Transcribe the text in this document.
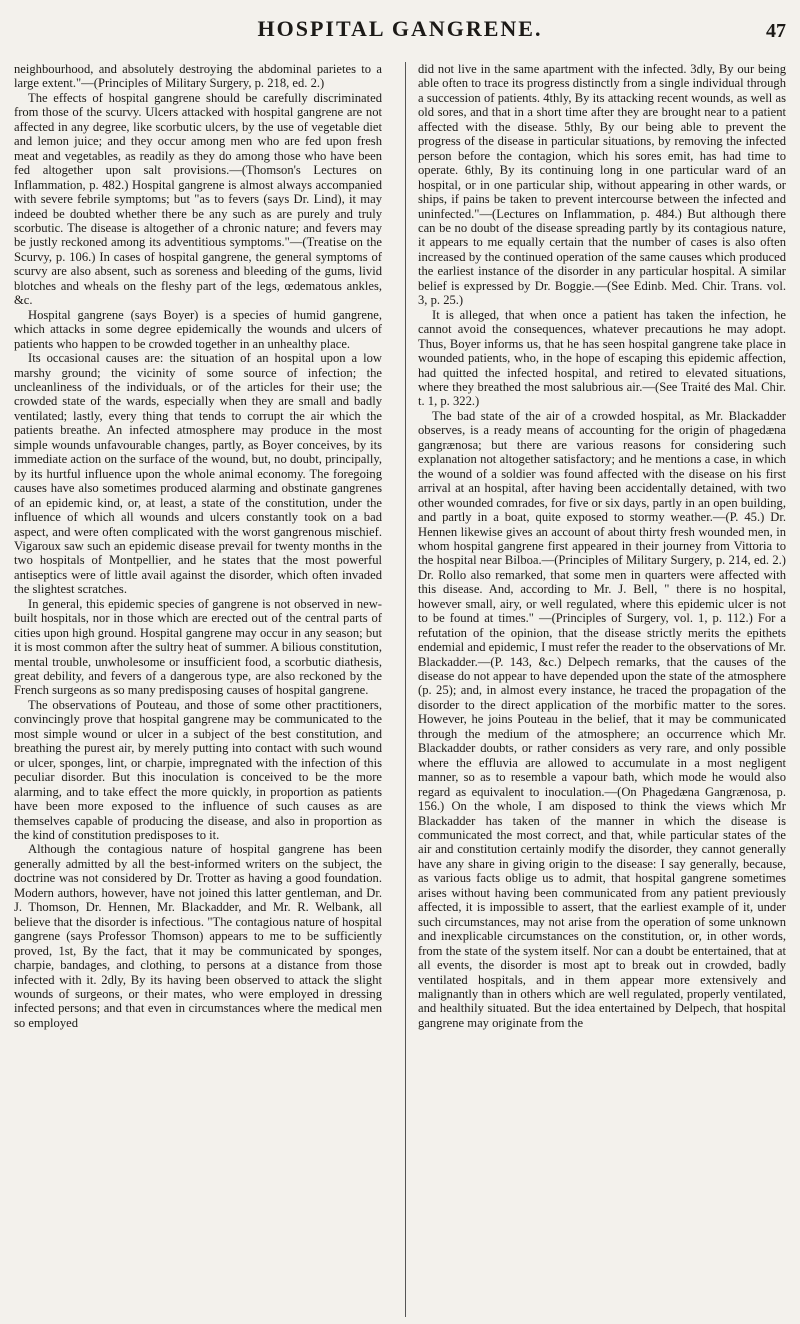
HOSPITAL GANGRENE.	47

neighbourhood, and absolutely destroying the abdominal parietes to a large extent."—(Principles of Military Surgery, p. 218, ed. 2.)

The effects of hospital gangrene should be carefully discriminated from those of the scurvy. Ulcers attacked with hospital gangrene are not affected in any degree, like scorbutic ulcers, by the use of vegetable diet and lemon juice; and they occur among men who are fed upon fresh meat and vegetables, as readily as they do among those who have been fed altogether upon salt provisions.—(Thomson's Lectures on Inflammation, p. 482.) Hospital gangrene is almost always accompanied with severe febrile symptoms; but "as to fevers (says Dr. Lind), it may indeed be doubted whether there be any such as are purely and truly scorbutic. The disease is altogether of a chronic nature; and fevers may be justly reckoned among its adventitious symptoms."—(Treatise on the Scurvy, p. 106.) In cases of hospital gangrene, the general symptoms of scurvy are also absent, such as soreness and bleeding of the gums, livid blotches and wheals on the fleshy part of the legs, œdematous ankles, &c.

Hospital gangrene (says Boyer) is a species of humid gangrene, which attacks in some degree epidemically the wounds and ulcers of patients who happen to be crowded together in an unhealthy place.

Its occasional causes are: the situation of an hospital upon a low marshy ground; the vicinity of some source of infection; the uncleanliness of the individuals, or of the articles for their use; the crowded state of the wards, especially when they are small and badly ventilated; lastly, every thing that tends to corrupt the air which the patients breathe. An infected atmosphere may produce in the most simple wounds unfavourable changes, partly, as Boyer conceives, by its immediate action on the surface of the wound, but, no doubt, principally, by its hurtful influence upon the whole animal economy. The foregoing causes have also sometimes produced alarming and obstinate gangrenes of an epidemic kind, or, at least, a state of the constitution, under the influence of which all wounds and ulcers constantly took on a bad aspect, and were often complicated with the worst gangrenous mischief. Vigaroux saw such an epidemic disease prevail for twenty months in the two hospitals of Montpellier, and he states that the most powerful antiseptics were of little avail against the disorder, which often invaded the slightest scratches.

In general, this epidemic species of gangrene is not observed in new-built hospitals, nor in those which are erected out of the central parts of cities upon high ground. Hospital gangrene may occur in any season; but it is most common after the sultry heat of summer. A bilious constitution, mental trouble, unwholesome or insufficient food, a scorbutic diathesis, great debility, and fevers of a dangerous type, are also reckoned by the French surgeons as so many predisposing causes of hospital gangrene.

The observations of Pouteau, and those of some other practitioners, convincingly prove that hospital gangrene may be communicated to the most simple wound or ulcer in a subject of the best constitution, and breathing the purest air, by merely putting into contact with such wound or ulcer, sponges, lint, or charpie, impregnated with the infection of this peculiar disorder. But this inoculation is conceived to be the more alarming, and to take effect the more quickly, in proportion as patients have been more exposed to the influence of such causes as are themselves capable of producing the disease, and also in proportion as the kind of constitution predisposes to it.

Although the contagious nature of hospital gangrene has been generally admitted by all the best-informed writers on the subject, the doctrine was not considered by Dr. Trotter as having a good foundation. Modern authors, however, have not joined this latter gentleman, and Dr. J. Thomson, Dr. Hennen, Mr. Blackadder, and Mr. R. Welbank, all believe that the disorder is infectious. "The contagious nature of hospital gangrene (says Professor Thomson) appears to me to be sufficiently proved, 1st, By the fact, that it may be communicated by sponges, charpie, bandages, and clothing, to persons at a distance from those infected with it. 2dly, By its having been observed to attack the slight wounds of surgeons, or their mates, who were employed in dressing infected persons; and that even in circumstances where the medical men so employed

did not live in the same apartment with the infected. 3dly, By our being able often to trace its progress distinctly from a single individual through a succession of patients. 4thly, By its attacking recent wounds, as well as old sores, and that in a short time after they are brought near to a patient affected with the disease. 5thly, By our being able to prevent the progress of the disease in particular situations, by removing the infected person before the contagion, which his sores emit, has had time to operate. 6thly, By its continuing long in one particular ward of an hospital, or in one particular ship, without appearing in other wards, or ships, if pains be taken to prevent intercourse between the infected and uninfected."—(Lectures on Inflammation, p. 484.) But although there can be no doubt of the disease spreading partly by its contagious nature, it appears to me equally certain that the number of cases is also often increased by the continued operation of the same causes which produced the earliest instance of the disorder in any particular hospital. A similar belief is expressed by Dr. Boggie.—(See Edinb. Med. Chir. Trans. vol. 3, p. 25.)

It is alleged, that when once a patient has taken the infection, he cannot avoid the consequences, whatever precautions he may adopt. Thus, Boyer informs us, that he has seen hospital gangrene take place in wounded patients, who, in the hope of escaping this epidemic affection, had quitted the infected hospital, and retired to elevated situations, where they breathed the most salubrious air.—(See Traité des Mal. Chir. t. 1, p. 322.)

The bad state of the air of a crowded hospital, as Mr. Blackadder observes, is a ready means of accounting for the origin of phagedæna gangrænosa; but there are various reasons for considering such explanation not altogether satisfactory; and he mentions a case, in which the wound of a soldier was found affected with the disease on his first arrival at an hospital, after having been accidentally detained, with two other wounded comrades, for five or six days, partly in an open building, and partly in a boat, quite exposed to stormy weather.—(P. 45.) Dr. Hennen likewise gives an account of about thirty fresh wounded men, in whom hospital gangrene first appeared in their journey from Vittoria to the hospital near Bilboa.—(Principles of Military Surgery, p. 214, ed. 2.) Dr. Rollo also remarked, that some men in quarters were affected with this disease. And, according to Mr. J. Bell, " there is no hospital, however small, airy, or well regulated, where this epidemic ulcer is not to be found at times." —(Principles of Surgery, vol. 1, p. 112.) For a refutation of the opinion, that the disease strictly merits the epithets endemial and epidemic, I must refer the reader to the observations of Mr. Blackadder.—(P. 143, &c.) Delpech remarks, that the causes of the disease do not appear to have depended upon the state of the atmosphere (p. 25); and, in almost every instance, he traced the propagation of the disorder to the direct application of the morbific matter to the sores. However, he joins Pouteau in the belief, that it may be communicated through the medium of the atmosphere; an occurrence which Mr. Blackadder doubts, or rather considers as very rare, and only possible where the effluvia are allowed to accumulate in a most negligent manner, so as to resemble a vapour bath, which mode he would also regard as equivalent to inoculation.—(On Phagedæna Gangrænosa, p. 156.) On the whole, I am disposed to think the views which Mr Blackadder has taken of the manner in which the disease is communicated the most correct, and that, while particular states of the air and constitution certainly modify the disorder, they cannot generally have any share in giving origin to the disease: I say generally, because, as various facts oblige us to admit, that hospital gangrene sometimes arises without having been communicated from any patient previously affected, it is impossible to assert, that the earliest example of it, under such circumstances, may not arise from the operation of some unknown and inexplicable circumstances on the constitution, or, in other words, from the state of the system itself. Nor can a doubt be entertained, that at all events, the disorder is most apt to break out in crowded, badly ventilated hospitals, and in them appear more extensively and malignantly than in others which are well regulated, properly ventilated, and healthily situated. But the idea entertained by Delpech, that hospital gangrene may originate from the
